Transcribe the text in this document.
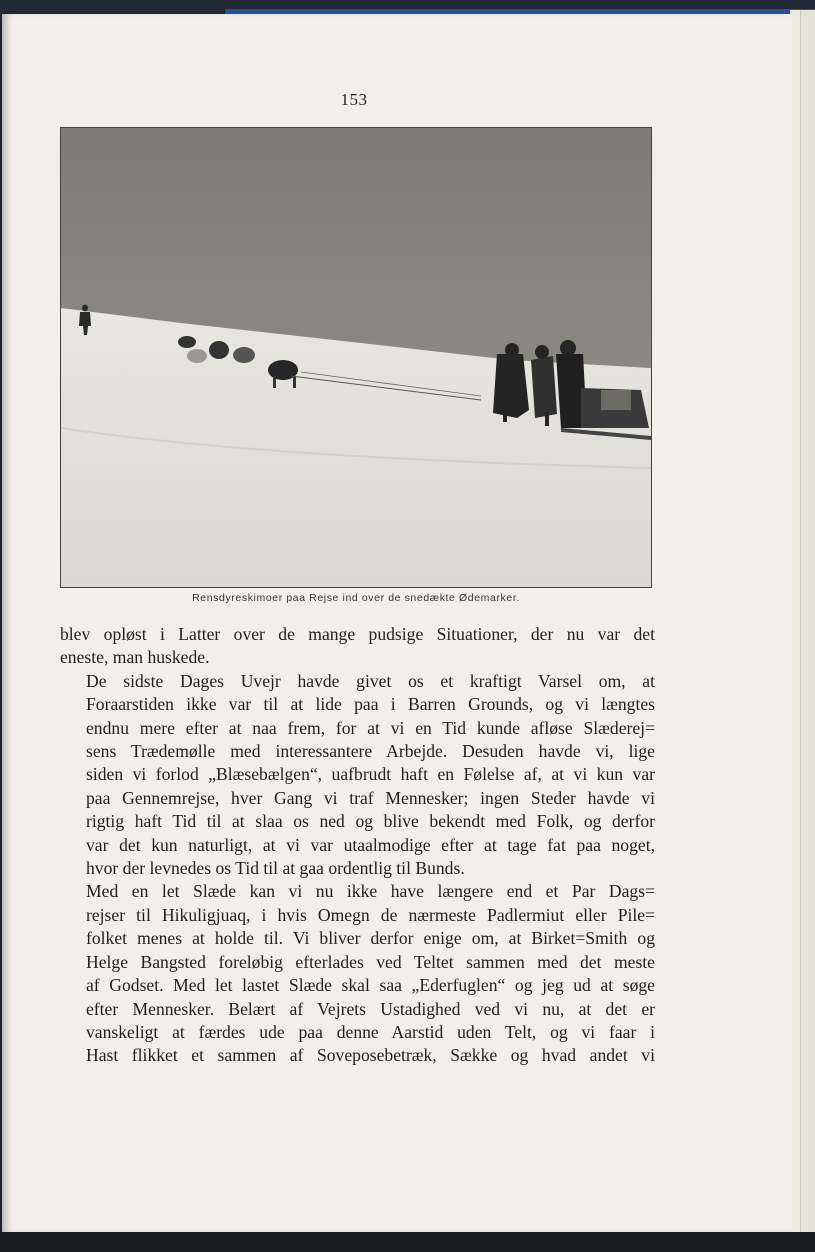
153
Rensdyreskimoer paa Rejse ind over de snedækte Ødemarker.

blev opløst i Latter over de mange pudsige Situationer, der nu var det
eneste, man huskede.

De sidste Dages Uvejr havde givet os et kraftigt Varsel om, at
Foraarstiden ikke var til at lide paa i Barren Grounds, og vi længtes
endnu mere efter at naa frem, for at vi en Tid kunde afløse Slæderej=
sens Trædemølle med interessantere Arbejde. Desuden havde vi, lige
siden vi forlod „Blæsebælgen“, uafbrudt haft en Følelse af, at vi kun var
paa Gennemrejse, hver Gang vi traf Mennesker; ingen Steder havde vi
rigtig haft Tid til at slaa os ned og blive bekendt med Folk, og derfor
var det kun naturligt, at vi var utaalmodige efter at tage fat paa noget,
hvor der levnedes os Tid til at gaa ordentlig til Bunds.

Med en let Slæde kan vi nu ikke have længere end et Par Dags=
rejser til Hikuligjuaq, i hvis Omegn de nærmeste Padlermiut eller Pile=
folket menes at holde til. Vi bliver derfor enige om, at Birket=Smith og
Helge Bangsted foreløbig efterlades ved Teltet sammen med det meste
af Godset. Med let lastet Slæde skal saa „Ederfuglen“ og jeg ud at søge
efter Mennesker. Belært af Vejrets Ustadighed ved vi nu, at det er
vanskeligt at færdes ude paa denne Aarstid uden Telt, og vi faar i
Hast flikket et sammen af Soveposebetræk, Sække og hvad andet vi
